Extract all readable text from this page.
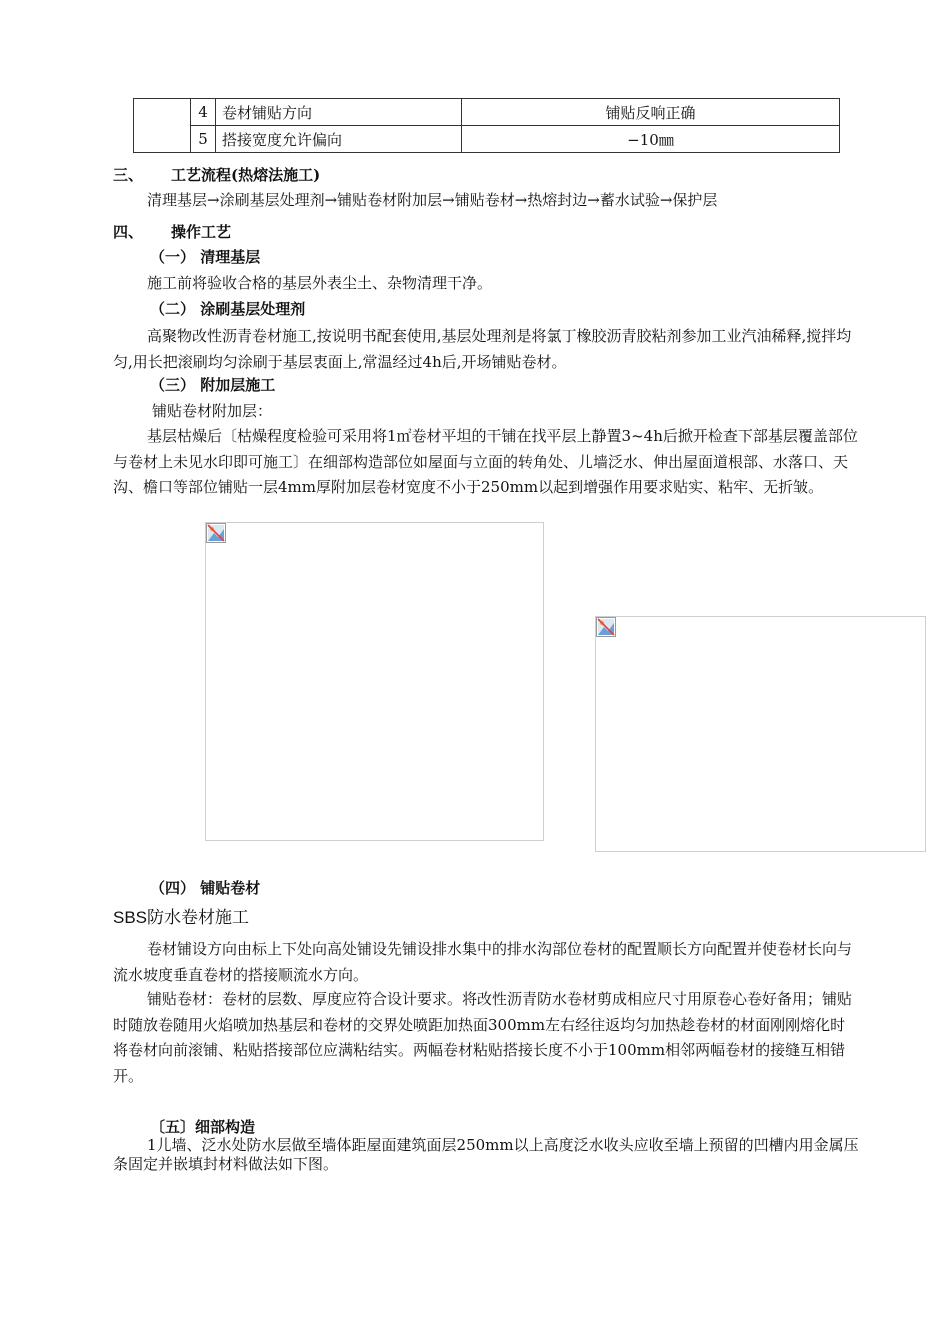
	4	卷材铺贴方向	铺贴反响正确
	5	搭接宽度允许偏向	−10㎜
三、 工艺流程(热熔法施工)
清理基层→涂刷基层处理剂→铺贴卷材附加层→铺贴卷材→热熔封边→蓄水试验→保护层
四、 操作工艺
（一） 清理基层
施工前将验收合格的基层外表尘土、杂物清理干净。
（二） 涂刷基层处理剂
高聚物改性沥青卷材施工,按说明书配套使用,基层处理剂是将氯丁橡胶沥青胶粘剂参加工业汽油稀释,搅拌均匀,用长把滚刷均匀涂刷于基层衷面上,常温经过4h后,开场铺贴卷材。
（三） 附加层施工
铺贴卷材附加层：
基层枯燥后〔枯燥程度检验可采用将1㎡卷材平坦的干铺在找平层上静置3~4h后掀开检查下部基层覆盖部位与卷材上未见水印即可施工〕在细部构造部位如屋面与立面的转角处、儿墙泛水、伸出屋面道根部、水落口、天沟、檐口等部位铺贴一层4mm厚附加层卷材宽度不小于250mm以起到增强作用要求贴实、粘牢、无折皱。
（四） 铺贴卷材
SBS防水卷材施工
卷材铺设方向由标上下处向高处铺设先铺设排水集中的排水沟部位卷材的配置顺长方向配置并使卷材长向与流水坡度垂直卷材的搭接顺流水方向。
铺贴卷材：卷材的层数、厚度应符合设计要求。将改性沥青防水卷材剪成相应尺寸用原卷心卷好备用；铺贴时随放卷随用火焰喷加热基层和卷材的交界处喷距加热面300mm左右经往返均匀加热趁卷材的材面刚刚熔化时将卷材向前滚铺、粘贴搭接部位应满粘结实。两幅卷材粘贴搭接长度不小于100mm相邻两幅卷材的接缝互相错开。
〔五〕细部构造
1儿墙、泛水处防水层做至墙体距屋面建筑面层250mm以上高度泛水收头应收至墙上预留的凹槽内用金属压条固定并嵌填封材料做法如下图。
